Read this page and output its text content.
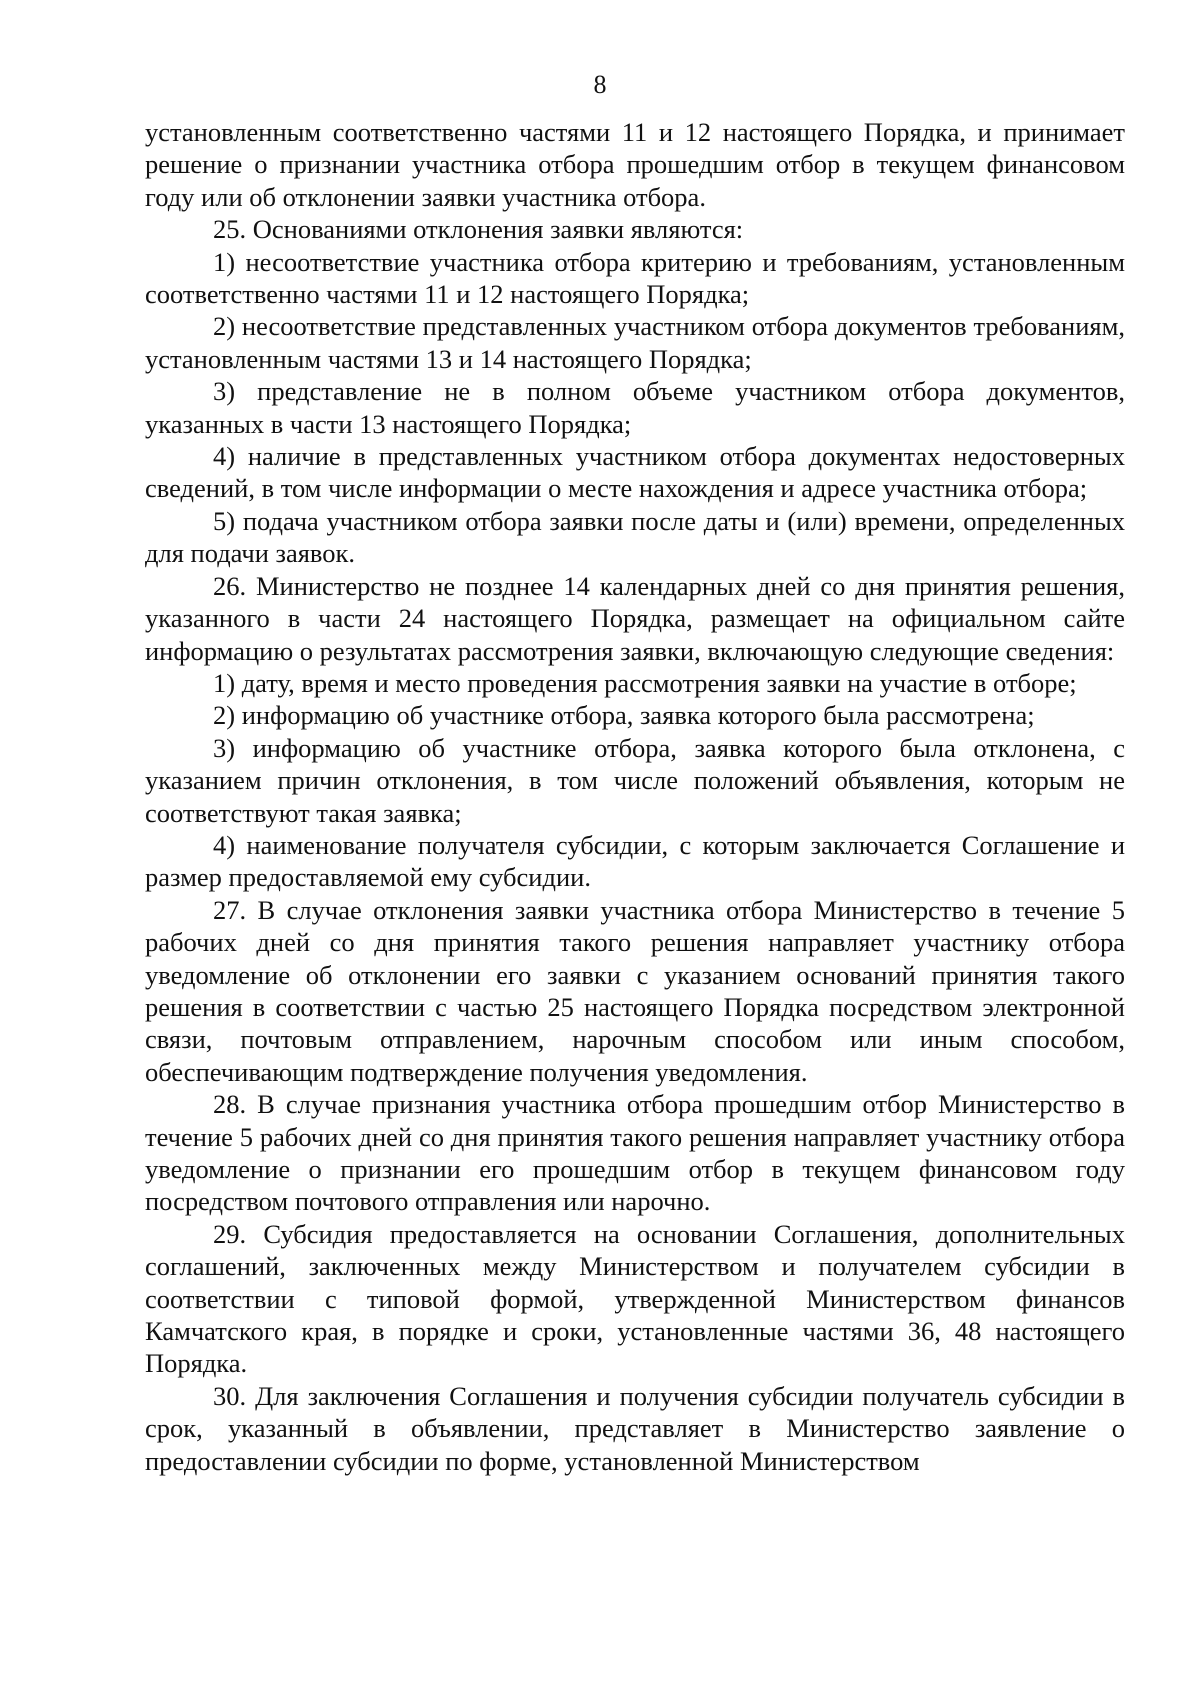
8

установленным соответственно частями 11 и 12 настоящего Порядка, и принимает решение о признании участника отбора прошедшим отбор в текущем финансовом году или об отклонении заявки участника отбора.

25. Основаниями отклонения заявки являются:

1) несоответствие участника отбора критерию и требованиям, установленным соответственно частями 11 и 12 настоящего Порядка;

2) несоответствие представленных участником отбора документов требованиям, установленным частями 13 и 14 настоящего Порядка;

3) представление не в полном объеме участником отбора документов, указанных в части 13 настоящего Порядка;

4) наличие в представленных участником отбора документах недостоверных сведений, в том числе информации о месте нахождения и адресе участника отбора;

5) подача участником отбора заявки после даты и (или) времени, определенных для подачи заявок.

26. Министерство не позднее 14 календарных дней со дня принятия решения, указанного в части 24 настоящего Порядка, размещает на официальном сайте информацию о результатах рассмотрения заявки, включающую следующие сведения:

1) дату, время и место проведения рассмотрения заявки на участие в отборе;

2) информацию об участнике отбора, заявка которого была рассмотрена;

3) информацию об участнике отбора, заявка которого была отклонена, с указанием причин отклонения, в том числе положений объявления, которым не соответствуют такая заявка;

4) наименование получателя субсидии, с которым заключается Соглашение и размер предоставляемой ему субсидии.

27. В случае отклонения заявки участника отбора Министерство в течение 5 рабочих дней со дня принятия такого решения направляет участнику отбора уведомление об отклонении его заявки с указанием оснований принятия такого решения в соответствии с частью 25 настоящего Порядка посредством электронной связи, почтовым отправлением, нарочным способом или иным способом, обеспечивающим подтверждение получения уведомления.

28. В случае признания участника отбора прошедшим отбор Министерство в течение 5 рабочих дней со дня принятия такого решения направляет участнику отбора уведомление о признании его прошедшим отбор в текущем финансовом году посредством почтового отправления или нарочно.

29. Субсидия предоставляется на основании Соглашения, дополнительных соглашений, заключенных между Министерством и получателем субсидии в соответствии с типовой формой, утвержденной Министерством финансов Камчатского края, в порядке и сроки, установленные частями 36, 48 настоящего Порядка.

30. Для заключения Соглашения и получения субсидии получатель субсидии в срок, указанный в объявлении, представляет в Министерство заявление о предоставлении субсидии по форме, установленной Министерством
